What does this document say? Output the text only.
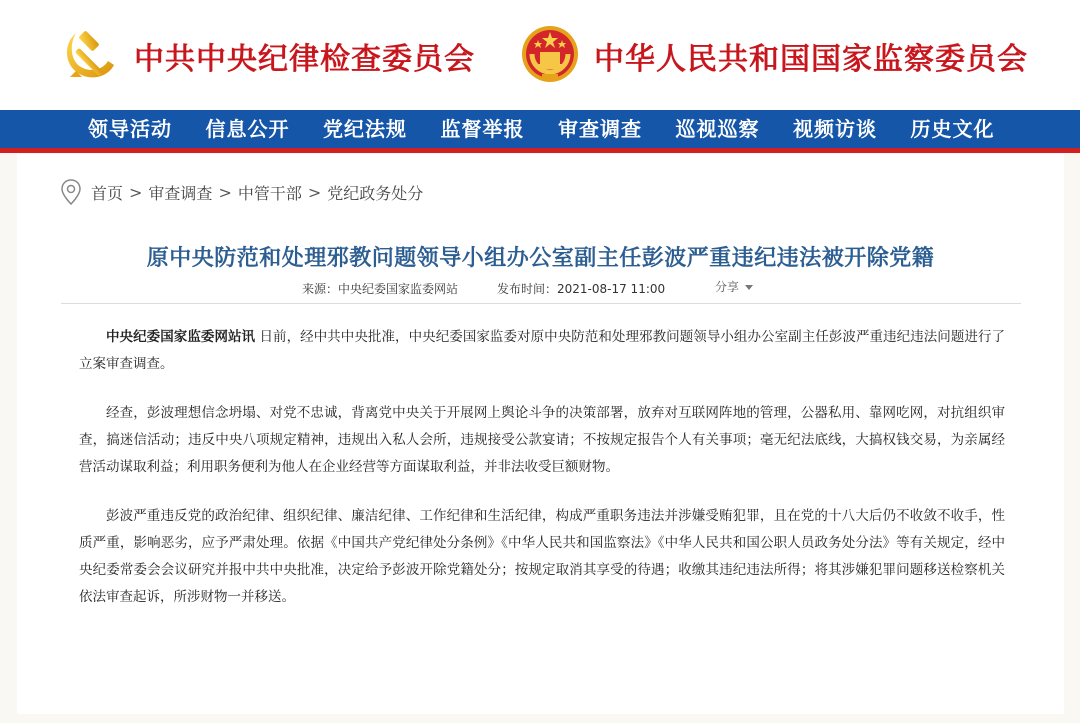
中共中央纪律检查委员会	中华人民共和国国家监察委员会
领导活动	信息公开	党纪法规	监督举报	审查调查	巡视巡察	视频访谈	历史文化
首页 > 审查调查 > 中管干部 > 党纪政务处分
原中央防范和处理邪教问题领导小组办公室副主任彭波严重违纪违法被开除党籍
来源：中央纪委国家监委网站	发布时间：2021-08-17 11:00	分享

中央纪委国家监委网站讯 日前，经中共中央批准，中央纪委国家监委对原中央防范和处理邪教问题领导小组办公室副主任彭波严重违纪违法问题进行了立案审查调查。

经查，彭波理想信念坍塌、对党不忠诚，背离党中央关于开展网上舆论斗争的决策部署，放弃对互联网阵地的管理，公器私用、靠网吃网，对抗组织审查，搞迷信活动；违反中央八项规定精神，违规出入私人会所，违规接受公款宴请；不按规定报告个人有关事项；毫无纪法底线，大搞权钱交易，为亲属经营活动谋取利益；利用职务便利为他人在企业经营等方面谋取利益，并非法收受巨额财物。

彭波严重违反党的政治纪律、组织纪律、廉洁纪律、工作纪律和生活纪律，构成严重职务违法并涉嫌受贿犯罪，且在党的十八大后仍不收敛不收手，性质严重，影响恶劣，应予严肃处理。依据《中国共产党纪律处分条例》《中华人民共和国监察法》《中华人民共和国公职人员政务处分法》等有关规定，经中央纪委常委会会议研究并报中共中央批准，决定给予彭波开除党籍处分；按规定取消其享受的待遇；收缴其违纪违法所得；将其涉嫌犯罪问题移送检察机关依法审查起诉，所涉财物一并移送。
